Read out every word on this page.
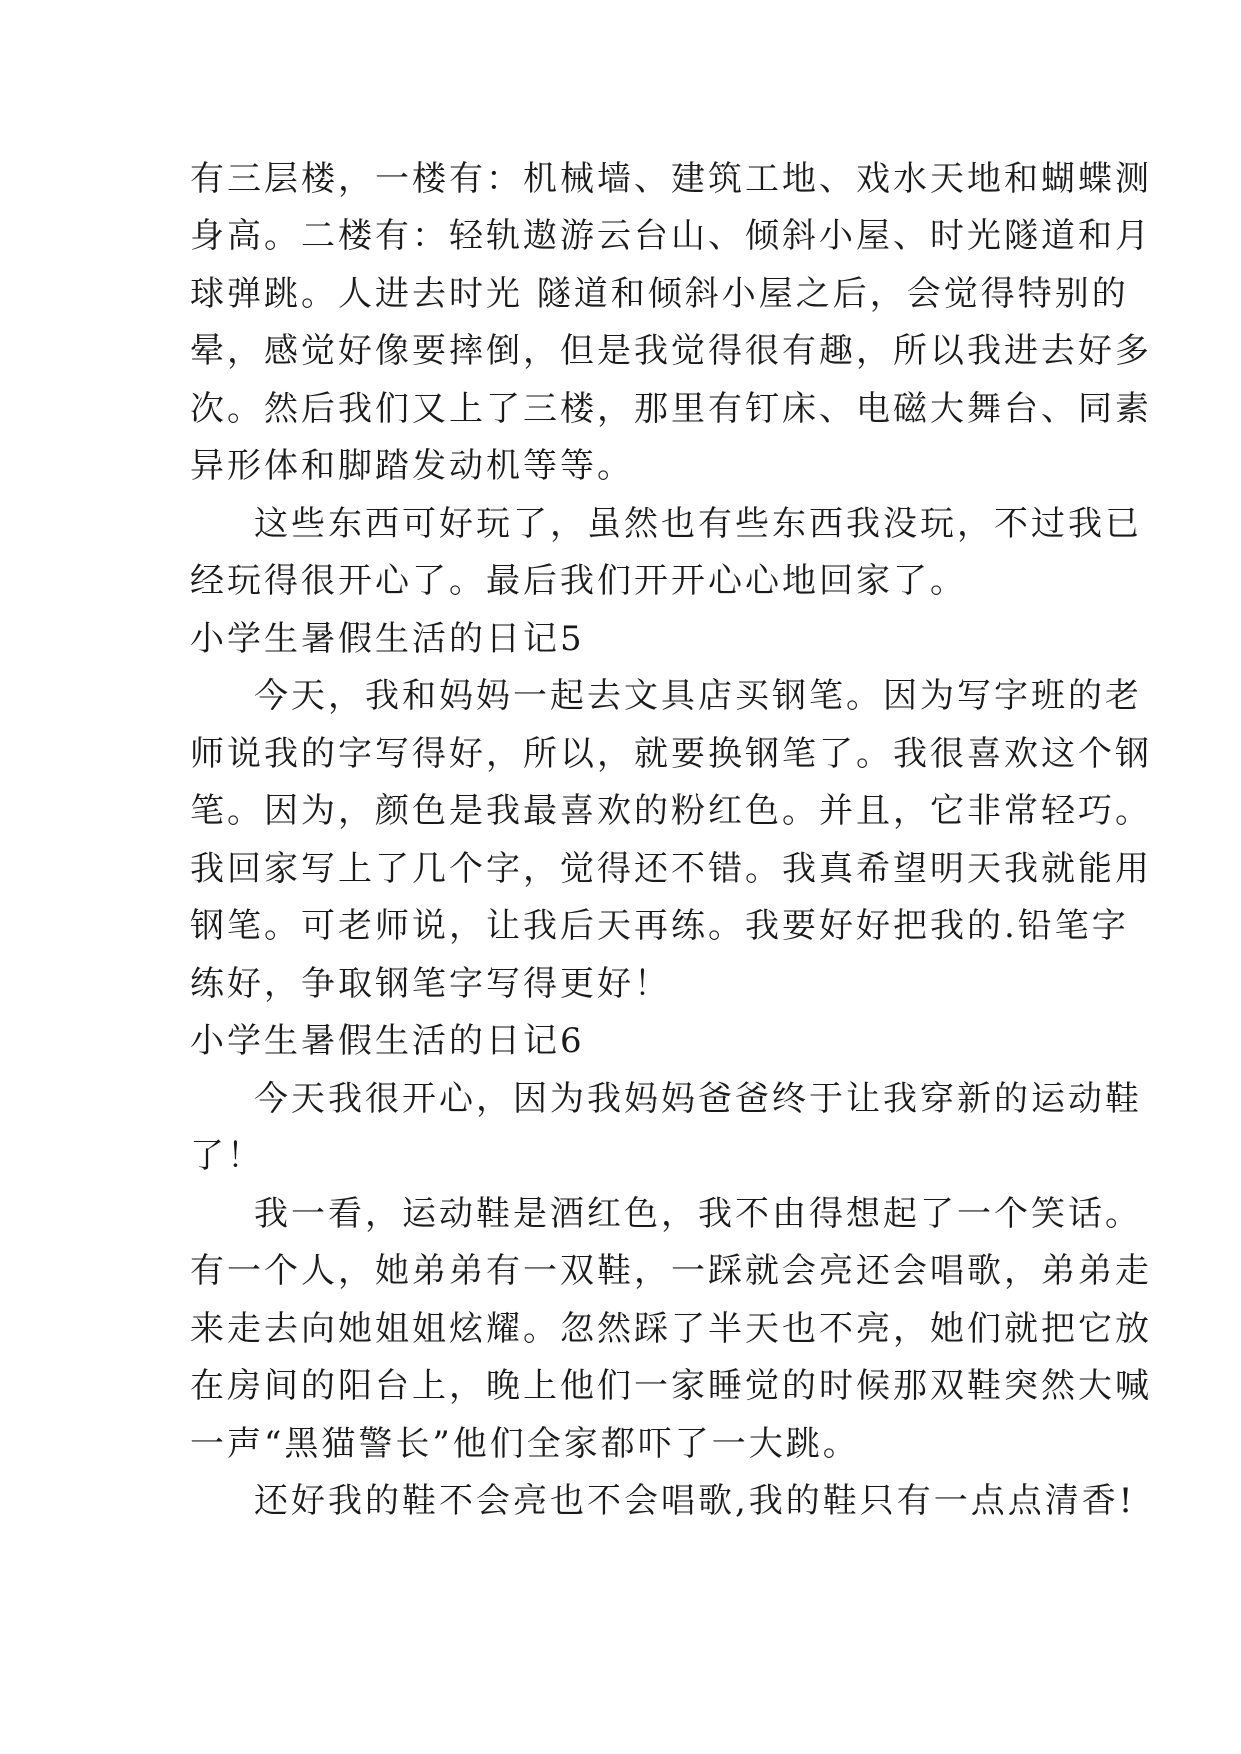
有三层楼，一楼有：机械墙、建筑工地、戏水天地和蝴蝶测
身高。二楼有：轻轨遨游云台山、倾斜小屋、时光隧道和月
球弹跳。人进去时光 隧道和倾斜小屋之后，会觉得特别的
晕，感觉好像要摔倒，但是我觉得很有趣，所以我进去好多
次。然后我们又上了三楼，那里有钉床、电磁大舞台、同素
异形体和脚踏发动机等等。
这些东西可好玩了，虽然也有些东西我没玩，不过我已
经玩得很开心了。最后我们开开心心地回家了。
小学生暑假生活的日记5
今天，我和妈妈一起去文具店买钢笔。因为写字班的老
师说我的字写得好，所以，就要换钢笔了。我很喜欢这个钢
笔。因为，颜色是我最喜欢的粉红色。并且，它非常轻巧。
我回家写上了几个字，觉得还不错。我真希望明天我就能用
钢笔。可老师说，让我后天再练。我要好好把我的.铅笔字
练好，争取钢笔字写得更好！
小学生暑假生活的日记6
今天我很开心，因为我妈妈爸爸终于让我穿新的运动鞋
了！
我一看，运动鞋是酒红色，我不由得想起了一个笑话。
有一个人，她弟弟有一双鞋，一踩就会亮还会唱歌，弟弟走
来走去向她姐姐炫耀。忽然踩了半天也不亮，她们就把它放
在房间的阳台上，晚上他们一家睡觉的时候那双鞋突然大喊
一声“黑猫警长”他们全家都吓了一大跳。
还好我的鞋不会亮也不会唱歌,我的鞋只有一点点清香!
